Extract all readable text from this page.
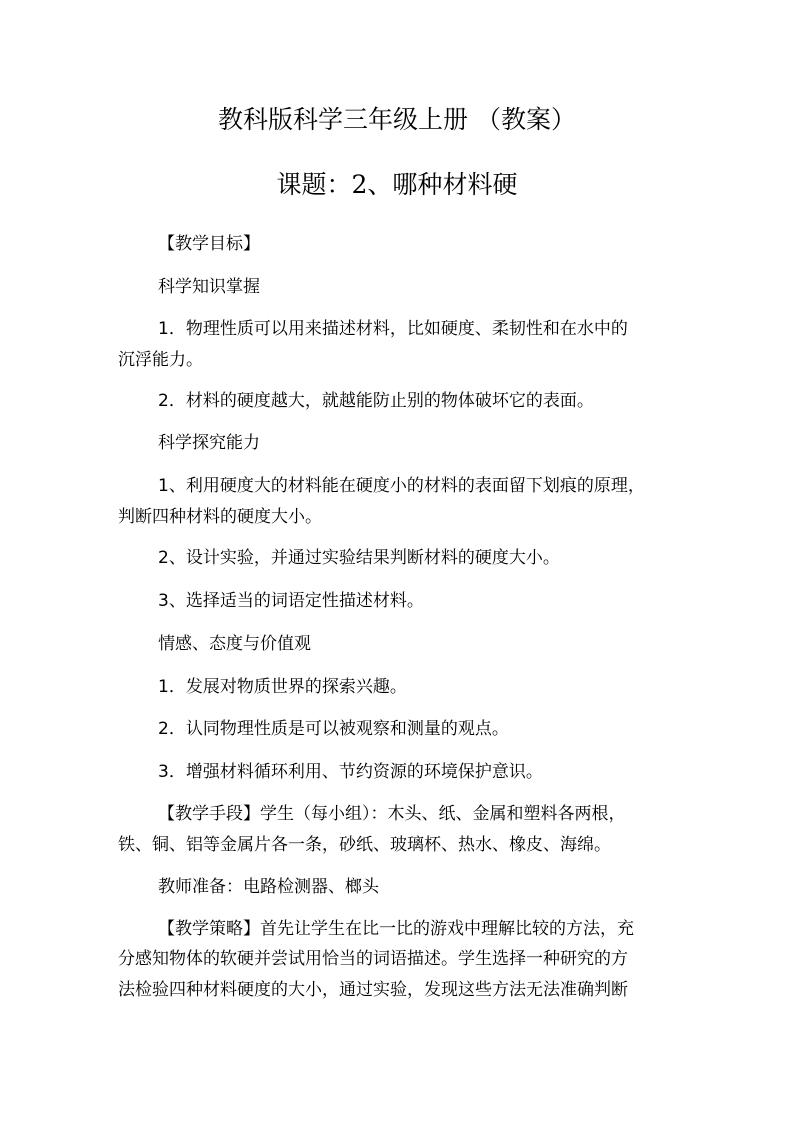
教科版科学三年级上册 （教案）
课题：2、哪种材料硬
【教学目标】
科学知识掌握
1．物理性质可以用来描述材料，比如硬度、柔韧性和在水中的
沉浮能力。
2．材料的硬度越大，就越能防止别的物体破坏它的表面。
科学探究能力
1、利用硬度大的材料能在硬度小的材料的表面留下划痕的原理，
判断四种材料的硬度大小。
2、设计实验，并通过实验结果判断材料的硬度大小。
3、选择适当的词语定性描述材料。
情感、态度与价值观
1．发展对物质世界的探索兴趣。
2．认同物理性质是可以被观察和测量的观点。
3．增强材料循环利用、节约资源的环境保护意识。
【教学手段】学生（每小组）：木头、纸、金属和塑料各两根，
铁、铜、铝等金属片各一条，砂纸、玻璃杯、热水、橡皮、海绵。
教师准备：电路检测器、榔头
【教学策略】首先让学生在比一比的游戏中理解比较的方法，充
分感知物体的软硬并尝试用恰当的词语描述。学生选择一种研究的方
法检验四种材料硬度的大小，通过实验，发现这些方法无法准确判断
